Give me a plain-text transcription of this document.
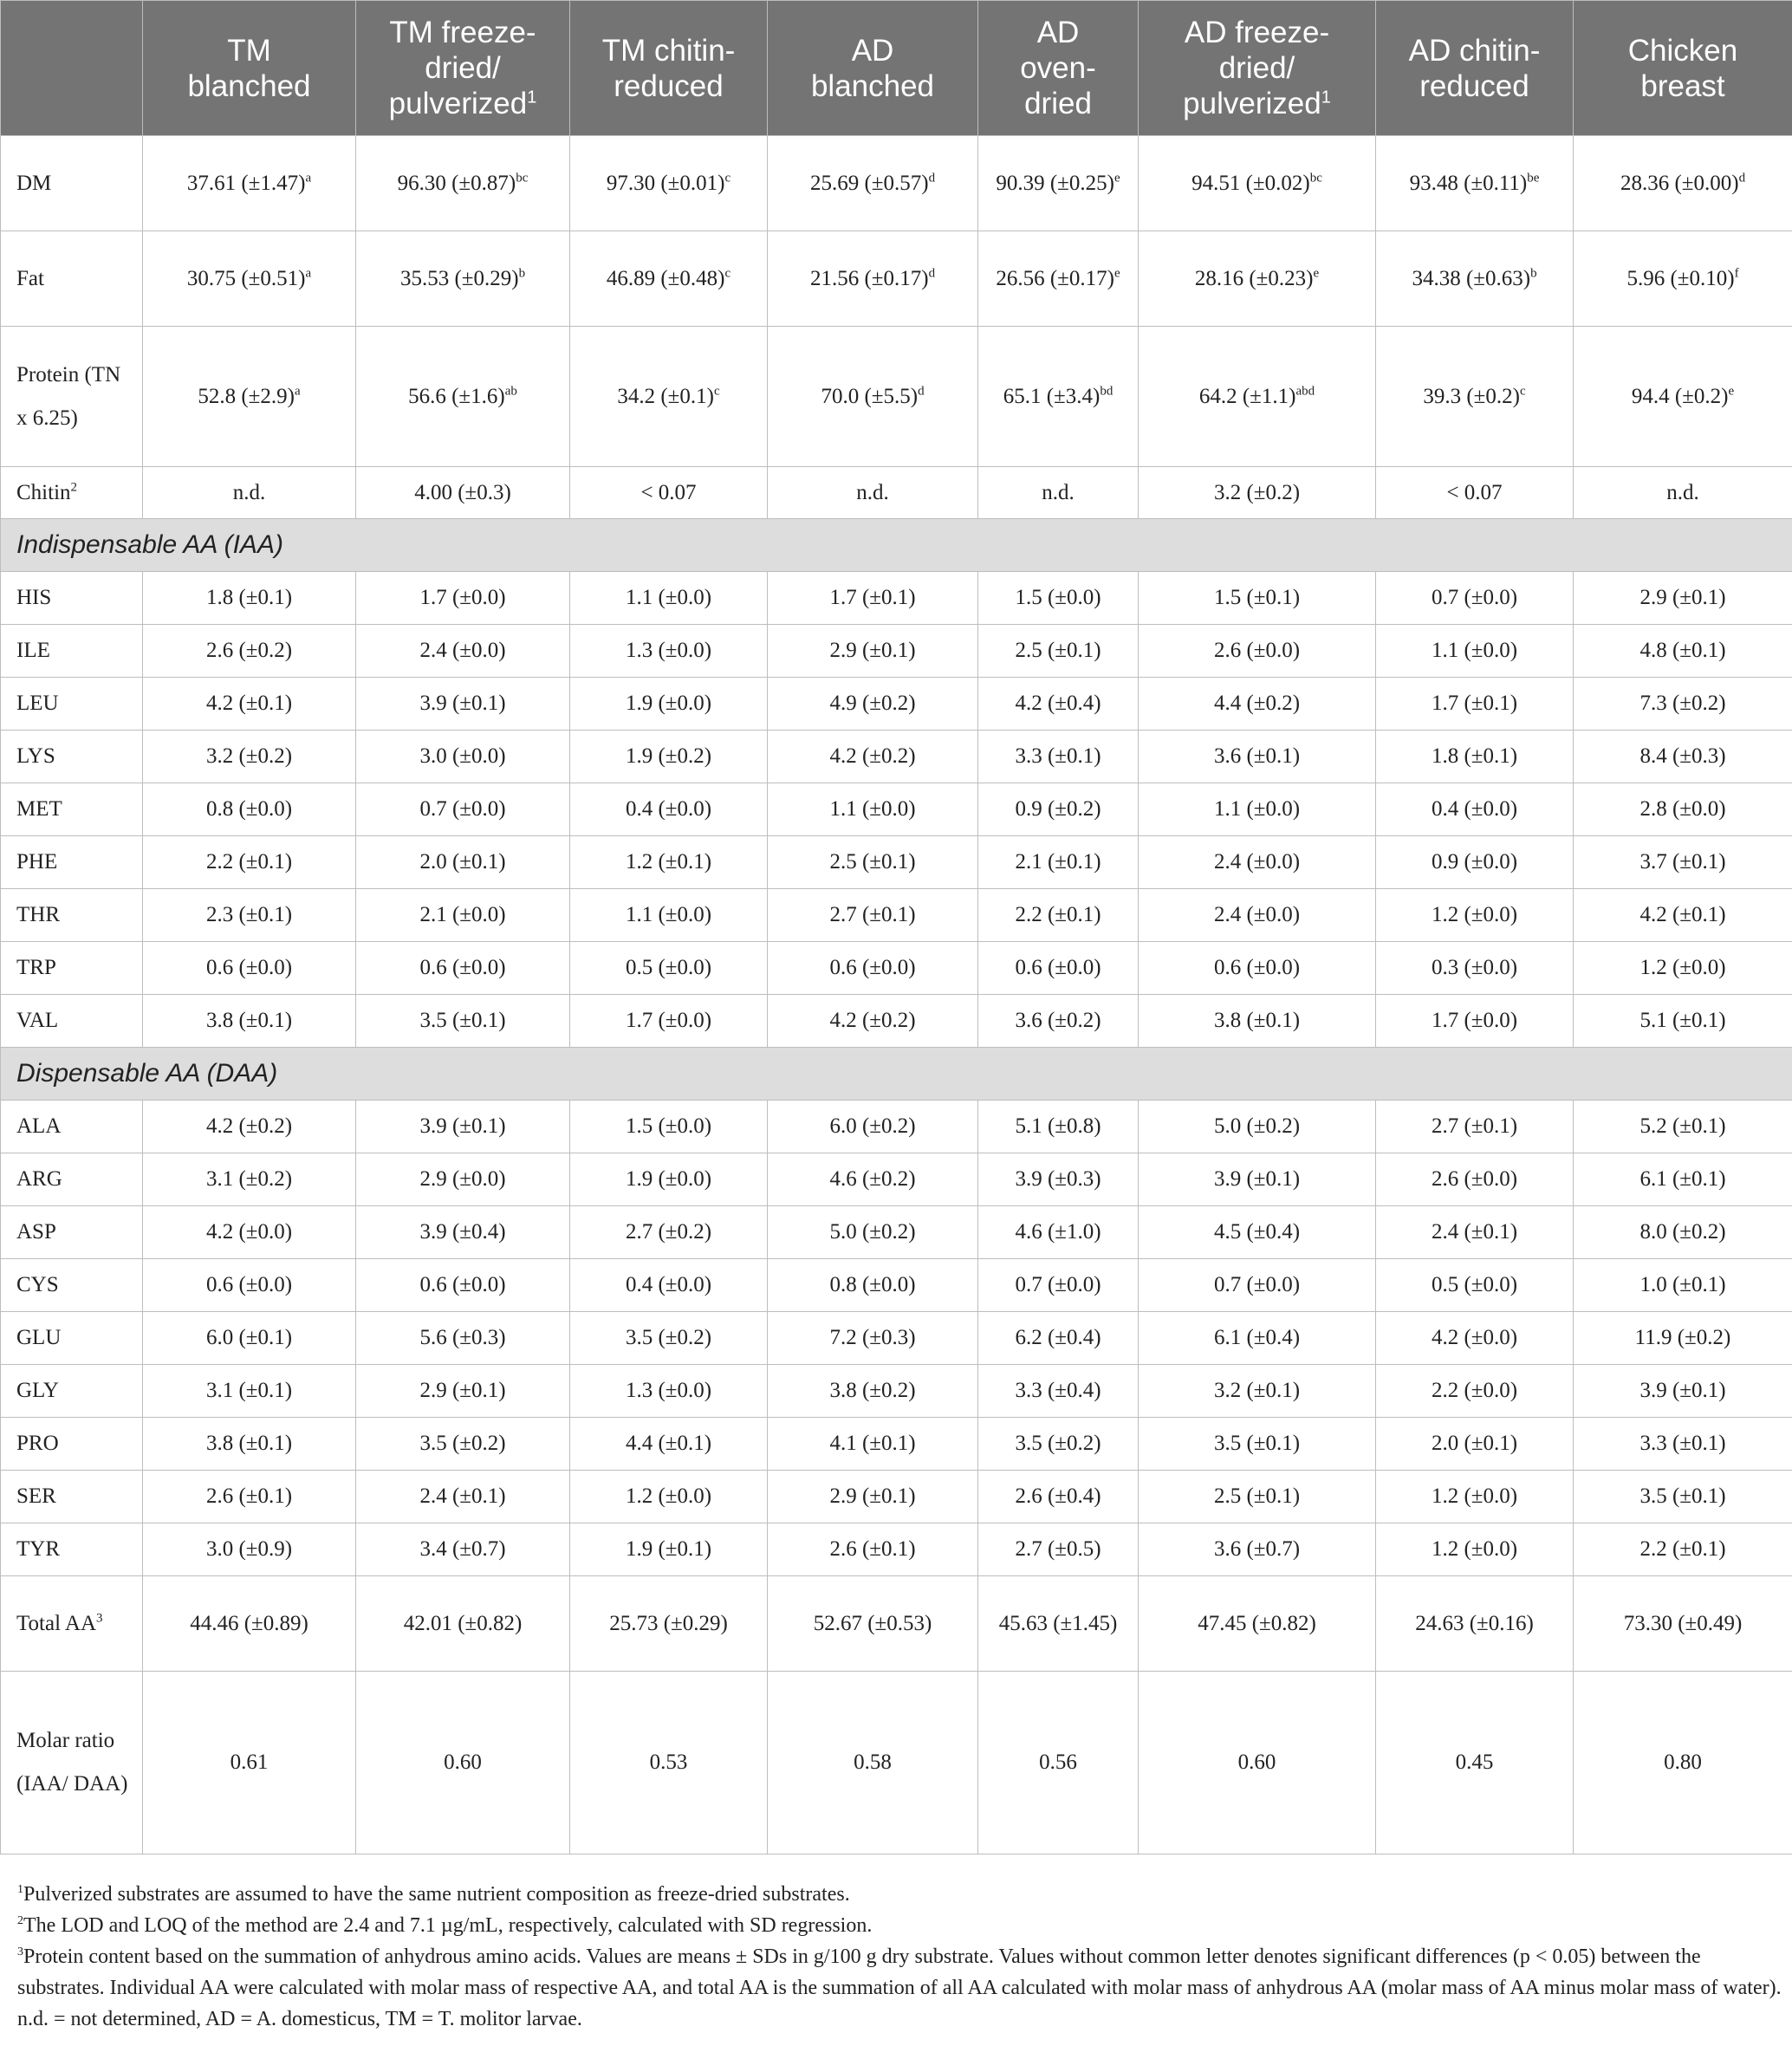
	TM
blanched	TM freeze-
dried/
pulverized$^1$	TM chitin-
reduced	AD
blanched	AD
oven-
dried	AD freeze-
dried/
pulverized$^1$	AD chitin-
reduced	Chicken
breast
DM	37.61 $(\pm 1.47)^a$	96.30 $(\pm 0.87)^{bc}$	97.30 $(\pm 0.01)^c$	25.69 $(\pm 0.57)^d$	90.39 $(\pm 0.25)^e$	94.51 $(\pm 0.02)^{bc}$	93.48 $(\pm 0.11)^{be}$	28.36 $(\pm 0.00)^d$
Fat	30.75 $(\pm 0.51)^a$	35.53 $(\pm 0.29)^b$	46.89 $(\pm 0.48)^c$	21.56 $(\pm 0.17)^d$	26.56 $(\pm 0.17)^e$	28.16 $(\pm 0.23)^e$	34.38 $(\pm 0.63)^b$	5.96 $(\pm 0.10)^f$
Protein (TN x 6.25)	52.8 $(\pm 2.9)^a$	56.6 $(\pm 1.6)^{ab}$	34.2 $(\pm 0.1)^c$	70.0 $(\pm 5.5)^d$	65.1 $(\pm 3.4)^{bd}$	64.2 $(\pm 1.1)^{abd}$	39.3 $(\pm 0.2)^c$	94.4 $(\pm 0.2)^e$
Chitin$^2$	n.d.	4.00 (±0.3)	< 0.07	n.d.	n.d.	3.2 (±0.2)	< 0.07	n.d.
Indispensable AA (IAA)								
HIS	1.8 (±0.1)	1.7 (±0.0)	1.1 (±0.0)	1.7 (±0.1)	1.5 (±0.0)	1.5 (±0.1)	0.7 (±0.0)	2.9 (±0.1)
ILE	2.6 (±0.2)	2.4 (±0.0)	1.3 (±0.0)	2.9 (±0.1)	2.5 (±0.1)	2.6 (±0.0)	1.1 (±0.0)	4.8 (±0.1)
LEU	4.2 (±0.1)	3.9 (±0.1)	1.9 (±0.0)	4.9 (±0.2)	4.2 (±0.4)	4.4 (±0.2)	1.7 (±0.1)	7.3 (±0.2)
LYS	3.2 (±0.2)	3.0 (±0.0)	1.9 (±0.2)	4.2 (±0.2)	3.3 (±0.1)	3.6 (±0.1)	1.8 (±0.1)	8.4 (±0.3)
MET	0.8 (±0.0)	0.7 (±0.0)	0.4 (±0.0)	1.1 (±0.0)	0.9 (±0.2)	1.1 (±0.0)	0.4 (±0.0)	2.8 (±0.0)
PHE	2.2 (±0.1)	2.0 (±0.1)	1.2 (±0.1)	2.5 (±0.1)	2.1 (±0.1)	2.4 (±0.0)	0.9 (±0.0)	3.7 (±0.1)
THR	2.3 (±0.1)	2.1 (±0.0)	1.1 (±0.0)	2.7 (±0.1)	2.2 (±0.1)	2.4 (±0.0)	1.2 (±0.0)	4.2 (±0.1)
TRP	0.6 (±0.0)	0.6 (±0.0)	0.5 (±0.0)	0.6 (±0.0)	0.6 (±0.0)	0.6 (±0.0)	0.3 (±0.0)	1.2 (±0.0)
VAL	3.8 (±0.1)	3.5 (±0.1)	1.7 (±0.0)	4.2 (±0.2)	3.6 (±0.2)	3.8 (±0.1)	1.7 (±0.0)	5.1 (±0.1)
Dispensable AA (DAA)								
ALA	4.2 (±0.2)	3.9 (±0.1)	1.5 (±0.0)	6.0 (±0.2)	5.1 (±0.8)	5.0 (±0.2)	2.7 (±0.1)	5.2 (±0.1)
ARG	3.1 (±0.2)	2.9 (±0.0)	1.9 (±0.0)	4.6 (±0.2)	3.9 (±0.3)	3.9 (±0.1)	2.6 (±0.0)	6.1 (±0.1)
ASP	4.2 (±0.0)	3.9 (±0.4)	2.7 (±0.2)	5.0 (±0.2)	4.6 (±1.0)	4.5 (±0.4)	2.4 (±0.1)	8.0 (±0.2)
CYS	0.6 (±0.0)	0.6 (±0.0)	0.4 (±0.0)	0.8 (±0.0)	0.7 (±0.0)	0.7 (±0.0)	0.5 (±0.0)	1.0 (±0.1)
GLU	6.0 (±0.1)	5.6 (±0.3)	3.5 (±0.2)	7.2 (±0.3)	6.2 (±0.4)	6.1 (±0.4)	4.2 (±0.0)	11.9 (±0.2)
GLY	3.1 (±0.1)	2.9 (±0.1)	1.3 (±0.0)	3.8 (±0.2)	3.3 (±0.4)	3.2 (±0.1)	2.2 (±0.0)	3.9 (±0.1)
PRO	3.8 (±0.1)	3.5 (±0.2)	4.4 (±0.1)	4.1 (±0.1)	3.5 (±0.2)	3.5 (±0.1)	2.0 (±0.1)	3.3 (±0.1)
SER	2.6 (±0.1)	2.4 (±0.1)	1.2 (±0.0)	2.9 (±0.1)	2.6 (±0.4)	2.5 (±0.1)	1.2 (±0.0)	3.5 (±0.1)
TYR	3.0 (±0.9)	3.4 (±0.7)	1.9 (±0.1)	2.6 (±0.1)	2.7 (±0.5)	3.6 (±0.7)	1.2 (±0.0)	2.2 (±0.1)
Total $AA^3$	44.46 (±0.89)	42.01 (±0.82)	25.73 (±0.29)	52.67 (±0.53)	45.63 (±1.45)	47.45 (±0.82)	24.63 (±0.16)	73.30 (±0.49)
Molar ratio (IAA/ DAA)	0.61	0.60	0.53	0.58	0.56	0.60	0.45	0.80

$^1$Pulverized substrates are assumed to have the same nutrient composition as freeze-dried substrates.

$^2$The LOD and LOQ of the method are 2.4 and 7.1 µg/mL, respectively, calculated with SD regression.

$^3$Protein content based on the summation of anhydrous amino acids. Values are means ± SDs in g/100 g dry substrate. Values without common letter denotes significant differences (p < 0.05) between the substrates. Individual AA were calculated with molar mass of respective AA, and total AA is the summation of all AA calculated with molar mass of anhydrous AA (molar mass of AA minus molar mass of water). n.d. = not determined, AD = A. domesticus, TM = T. molitor larvae.
